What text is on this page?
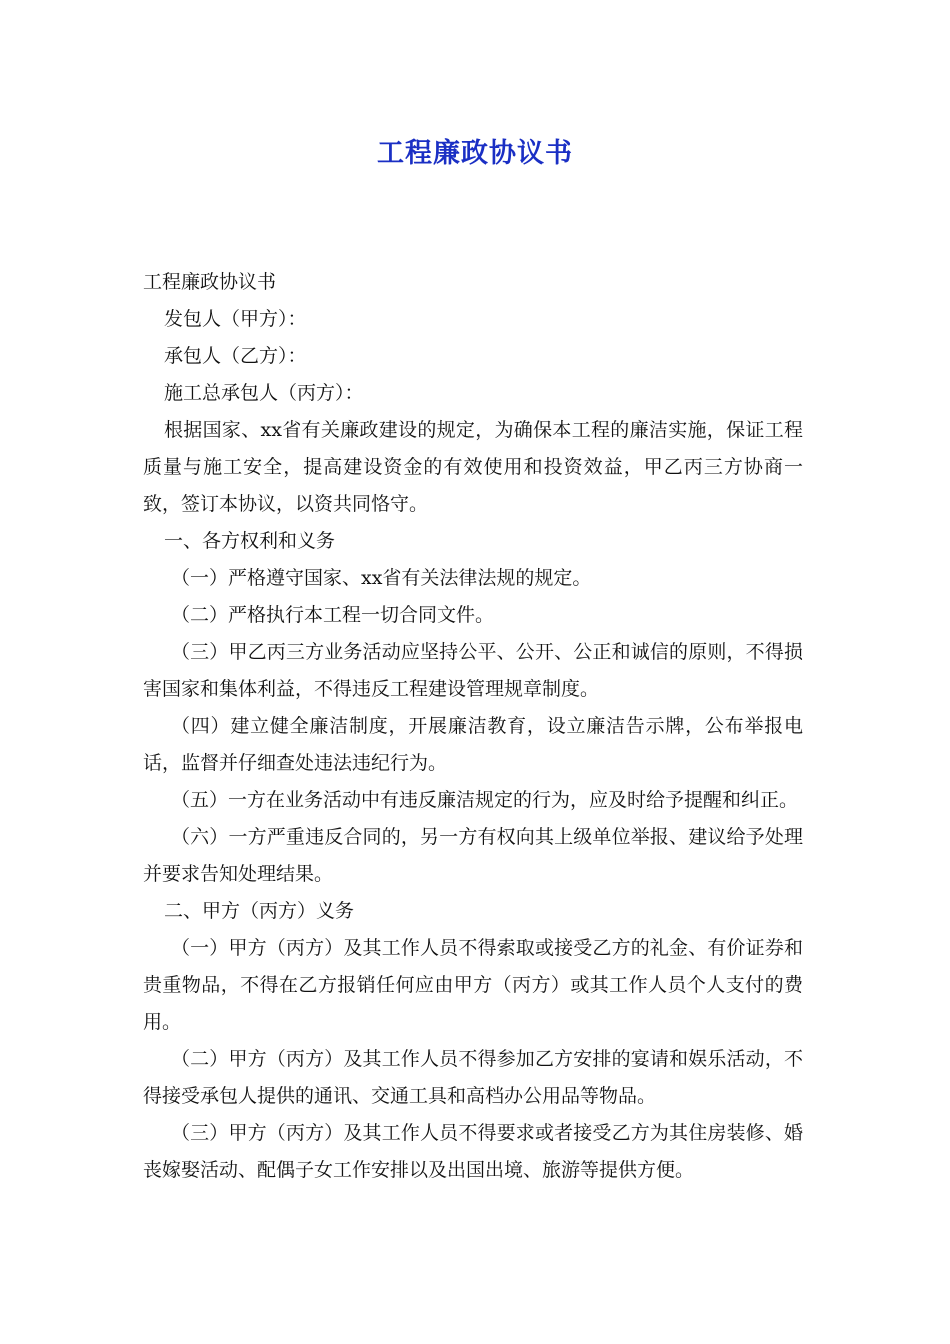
工程廉政协议书

工程廉政协议书

发包人（甲方）：

承包人（乙方）：

施工总承包人（丙方）：

根据国家、xx省有关廉政建设的规定，为确保本工程的廉洁实施，保证工程质量与施工安全，提高建设资金的有效使用和投资效益，甲乙丙三方协商一致，签订本协议，以资共同恪守。

一、各方权利和义务

（一）严格遵守国家、xx省有关法律法规的规定。

（二）严格执行本工程一切合同文件。

（三）甲乙丙三方业务活动应坚持公平、公开、公正和诚信的原则，不得损害国家和集体利益，不得违反工程建设管理规章制度。

（四）建立健全廉洁制度，开展廉洁教育，设立廉洁告示牌，公布举报电话，监督并仔细查处违法违纪行为。

（五）一方在业务活动中有违反廉洁规定的行为，应及时给予提醒和纠正。

（六）一方严重违反合同的，另一方有权向其上级单位举报、建议给予处理并要求告知处理结果。

二、甲方（丙方）义务

（一）甲方（丙方）及其工作人员不得索取或接受乙方的礼金、有价证券和贵重物品，不得在乙方报销任何应由甲方（丙方）或其工作人员个人支付的费用。

（二）甲方（丙方）及其工作人员不得参加乙方安排的宴请和娱乐活动，不得接受承包人提供的通讯、交通工具和高档办公用品等物品。

（三）甲方（丙方）及其工作人员不得要求或者接受乙方为其住房装修、婚丧嫁娶活动、配偶子女工作安排以及出国出境、旅游等提供方便。
